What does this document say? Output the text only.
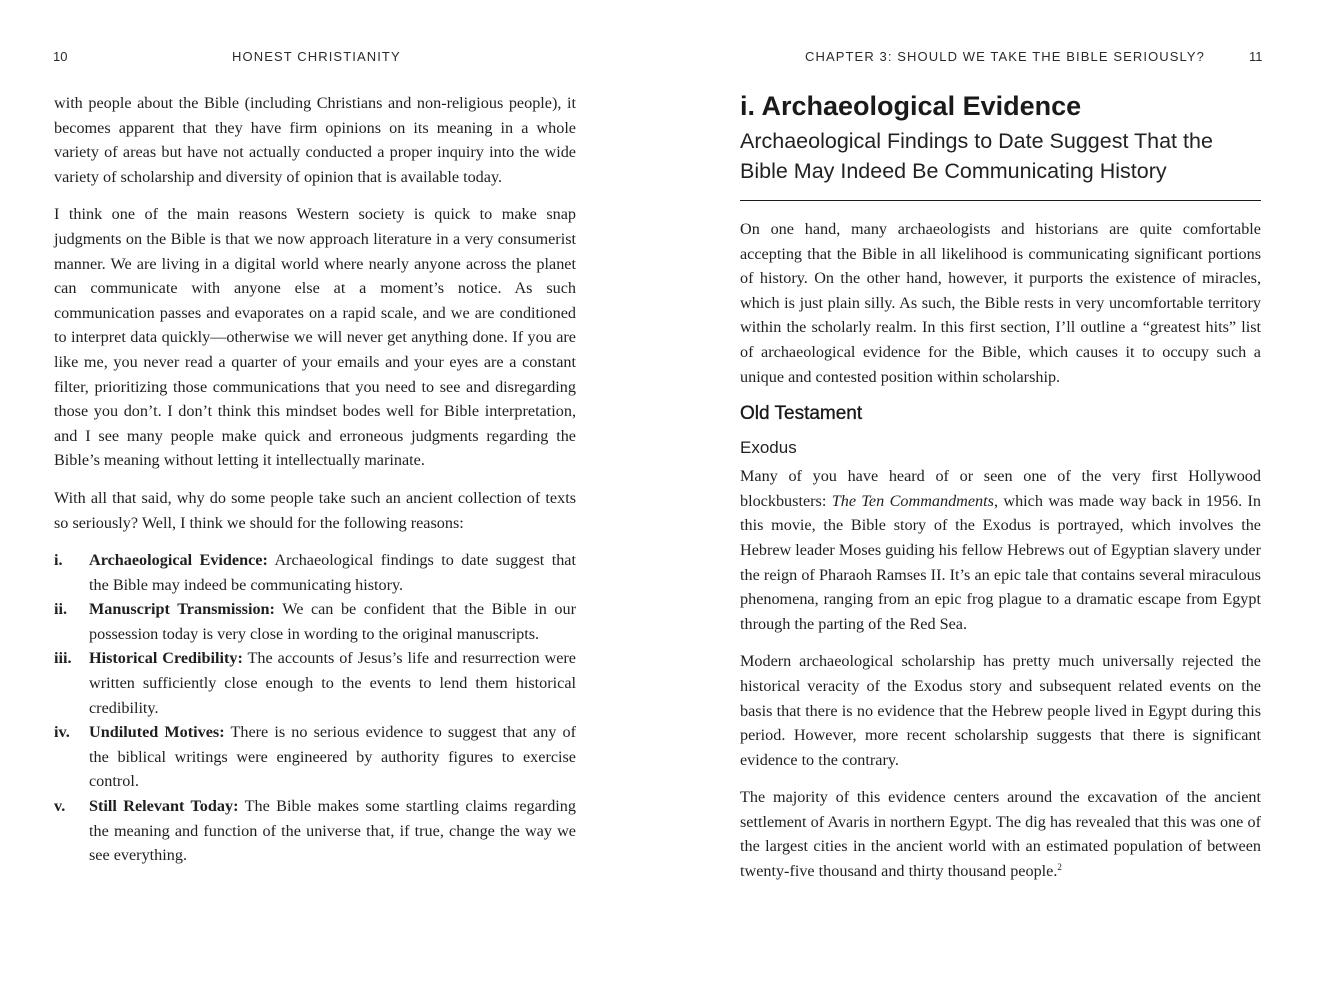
10	HONEST CHRISTIANITY

with people about the Bible (including Christians and non-religious people), it becomes apparent that they have firm opinions on its meaning in a whole variety of areas but have not actually conducted a proper inquiry into the wide variety of scholarship and diversity of opinion that is available today.

I think one of the main reasons Western society is quick to make snap judgments on the Bible is that we now approach literature in a very consumerist manner. We are living in a digital world where nearly anyone across the planet can communicate with anyone else at a moment’s notice. As such communication passes and evaporates on a rapid scale, and we are conditioned to interpret data quickly—otherwise we will never get anything done. If you are like me, you never read a quarter of your emails and your eyes are a constant filter, prioritizing those communications that you need to see and disregarding those you don’t. I don’t think this mindset bodes well for Bible interpretation, and I see many people make quick and erroneous judgments regarding the Bible’s meaning without letting it intellectually marinate.

With all that said, why do some people take such an ancient collection of texts so seriously? Well, I think we should for the following reasons:

i. Archaeological Evidence: Archaeological findings to date suggest that the Bible may indeed be communicating history.
ii. Manuscript Transmission: We can be confident that the Bible in our possession today is very close in wording to the original manuscripts.
iii. Historical Credibility: The accounts of Jesus’s life and resurrection were written sufficiently close enough to the events to lend them historical credibility.
iv. Undiluted Motives: There is no serious evidence to suggest that any of the biblical writings were engineered by authority figures to exercise control.
v. Still Relevant Today: The Bible makes some startling claims regarding the meaning and function of the universe that, if true, change the way we see everything.
CHAPTER 3: SHOULD WE TAKE THE BIBLE SERIOUSLY?	11
i. Archaeological Evidence
Archaeological Findings to Date Suggest That the Bible May Indeed Be Communicating History

On one hand, many archaeologists and historians are quite comfortable accepting that the Bible in all likelihood is communicating significant portions of history. On the other hand, however, it purports the existence of miracles, which is just plain silly. As such, the Bible rests in very uncomfortable territory within the scholarly realm. In this first section, I’ll outline a “greatest hits” list of archaeological evidence for the Bible, which causes it to occupy such a unique and contested position within scholarship.

Old Testament
Exodus

Many of you have heard of or seen one of the very first Hollywood blockbusters: The Ten Commandments, which was made way back in 1956. In this movie, the Bible story of the Exodus is portrayed, which involves the Hebrew leader Moses guiding his fellow Hebrews out of Egyptian slavery under the reign of Pharaoh Ramses II. It’s an epic tale that contains several miraculous phenomena, ranging from an epic frog plague to a dramatic escape from Egypt through the parting of the Red Sea.

Modern archaeological scholarship has pretty much universally rejected the historical veracity of the Exodus story and subsequent related events on the basis that there is no evidence that the Hebrew people lived in Egypt during this period. However, more recent scholarship suggests that there is significant evidence to the contrary.

The majority of this evidence centers around the excavation of the ancient settlement of Avaris in northern Egypt. The dig has revealed that this was one of the largest cities in the ancient world with an estimated population of between twenty-five thousand and thirty thousand people.$^2$
